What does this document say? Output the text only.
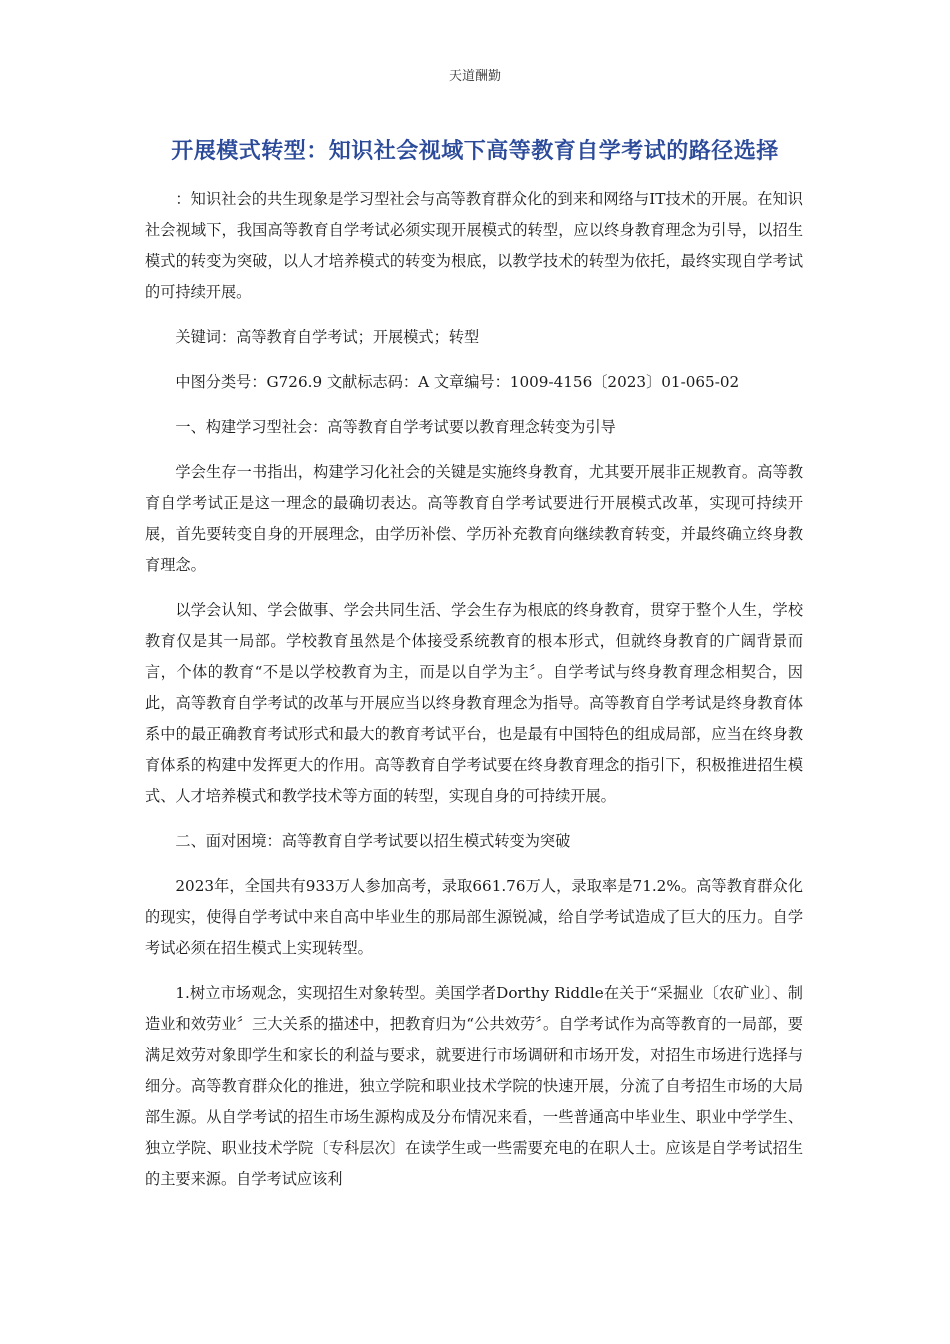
天道酬勤
开展模式转型：知识社会视域下高等教育自学考试的路径选择

：知识社会的共生现象是学习型社会与高等教育群众化的到来和网络与IT技术的开展。在知识社会视域下，我国高等教育自学考试必须实现开展模式的转型，应以终身教育理念为引导，以招生模式的转变为突破，以人才培养模式的转变为根底，以教学技术的转型为依托，最终实现自学考试的可持续开展。

关键词：高等教育自学考试；开展模式；转型

中图分类号：G726.9 文献标志码：A 文章编号：1009-4156〔2023〕01-065-02

一、构建学习型社会：高等教育自学考试要以教育理念转变为引导

学会生存一书指出，构建学习化社会的关键是实施终身教育，尤其要开展非正规教育。高等教育自学考试正是这一理念的最确切表达。高等教育自学考试要进行开展模式改革，实现可持续开展，首先要转变自身的开展理念，由学历补偿、学历补充教育向继续教育转变，并最终确立终身教育理念。

以学会认知、学会做事、学会共同生活、学会生存为根底的终身教育，贯穿于整个人生，学校教育仅是其一局部。学校教育虽然是个体接受系统教育的根本形式，但就终身教育的广阔背景而言，个体的教育“不是以学校教育为主，而是以自学为主〞。自学考试与终身教育理念相契合，因此，高等教育自学考试的改革与开展应当以终身教育理念为指导。高等教育自学考试是终身教育体系中的最正确教育考试形式和最大的教育考试平台，也是最有中国特色的组成局部，应当在终身教育体系的构建中发挥更大的作用。高等教育自学考试要在终身教育理念的指引下，积极推进招生模式、人才培养模式和教学技术等方面的转型，实现自身的可持续开展。

二、面对困境：高等教育自学考试要以招生模式转变为突破

2023年，全国共有933万人参加高考，录取661.76万人，录取率是71.2%。高等教育群众化的现实，使得自学考试中来自高中毕业生的那局部生源锐减，给自学考试造成了巨大的压力。自学考试必须在招生模式上实现转型。

1.树立市场观念，实现招生对象转型。美国学者Dorthy Riddle在关于“采掘业〔农矿业〕、制造业和效劳业〞三大关系的描述中，把教育归为“公共效劳〞。自学考试作为高等教育的一局部，要满足效劳对象即学生和家长的利益与要求，就要进行市场调研和市场开发，对招生市场进行选择与细分。高等教育群众化的推进，独立学院和职业技术学院的快速开展，分流了自考招生市场的大局部生源。从自学考试的招生市场生源构成及分布情况来看，一些普通高中毕业生、职业中学学生、独立学院、职业技术学院〔专科层次〕在读学生或一些需要充电的在职人士。应该是自学考试招生的主要来源。自学考试应该利
